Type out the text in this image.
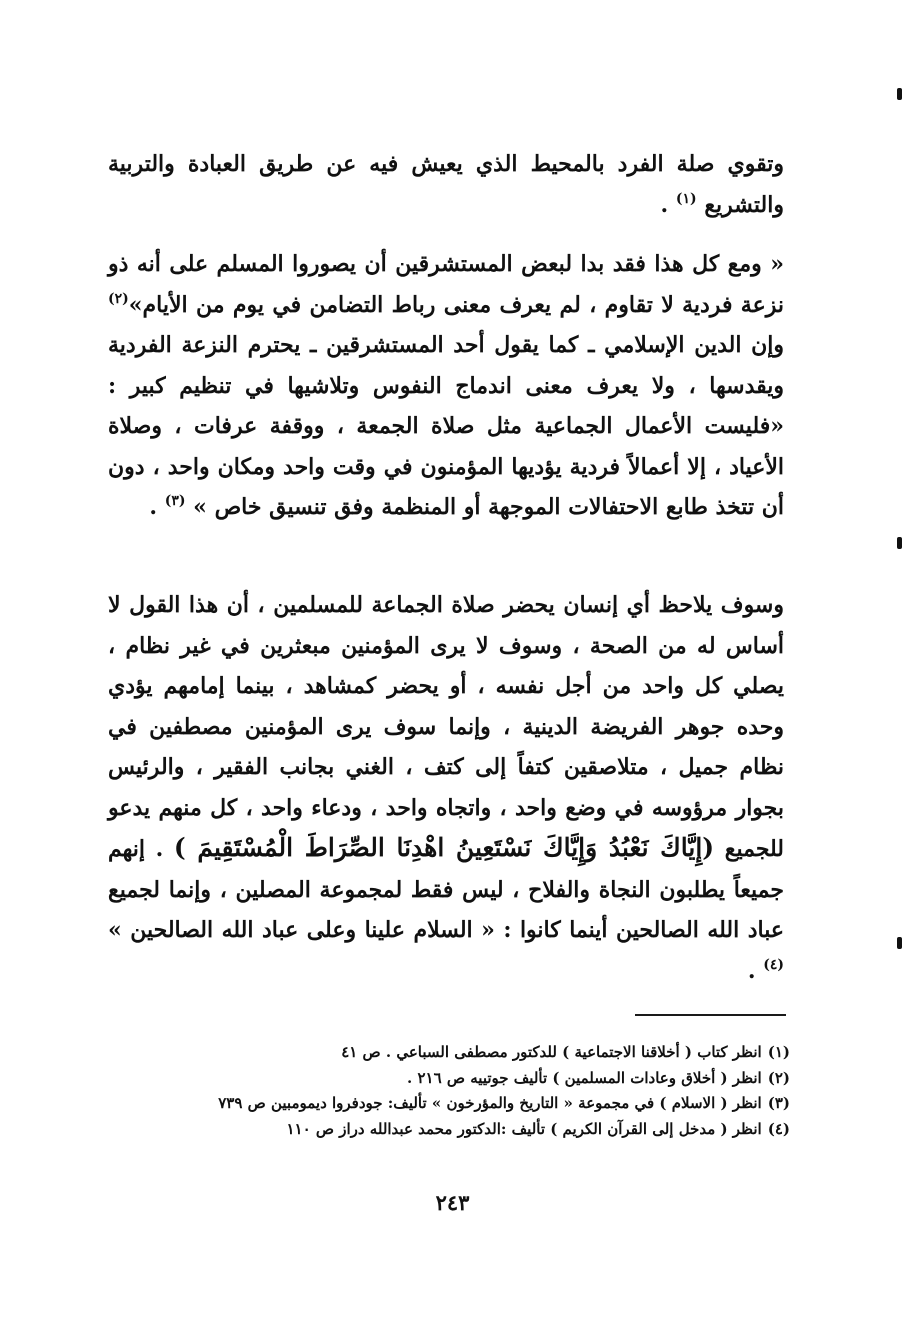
وتقوي صلة الفرد بالمحيط الذي يعيش فيه عن طريق العبادة والتربية والتشريع $^{(١)}$ .

« ومع كل هذا فقد بدا لبعض المستشرقين أن يصوروا المسلم على أنه ذو نزعة فردية لا تقاوم ، لم يعرف معنى رباط التضامن في يوم من الأيام»$^{(٢)}$ وإن الدين الإسلامي ـ كما يقول أحد المستشرقين ـ يحترم النزعة الفردية ويقدسها ، ولا يعرف معنى اندماج النفوس وتلاشيها في تنظيم كبير : «فليست الأعمال الجماعية مثل صلاة الجمعة ، ووقفة عرفات ، وصلاة الأعياد ، إلا أعمالاً فردية يؤديها المؤمنون في وقت واحد ومكان واحد ، دون أن تتخذ طابع الاحتفالات الموجهة أو المنظمة وفق تنسيق خاص » $^{(٣)}$ .

وسوف يلاحظ أي إنسان يحضر صلاة الجماعة للمسلمين ، أن هذا القول لا أساس له من الصحة ، وسوف لا يرى المؤمنين مبعثرين في غير نظام ، يصلي كل واحد من أجل نفسه ، أو يحضر كمشاهد ، بينما إمامهم يؤدي وحده جوهر الفريضة الدينية ، وإنما سوف يرى المؤمنين مصطفين في نظام جميل ، متلاصقين كتفاً إلى كتف ، الغني بجانب الفقير ، والرئيس بجوار مرؤوسه في وضع واحد ، واتجاه واحد ، ودعاء واحد ، كل منهم يدعو للجميع (إِيَّاكَ نَعْبُدُ وَإِيَّاكَ نَسْتَعِينُ اهْدِنَا الصِّرَاطَ الْمُسْتَقِيمَ ) . إنهم جميعاً يطلبون النجاة والفلاح ، ليس فقط لمجموعة المصلين ، وإنما لجميع عباد الله الصالحين أينما كانوا : « السلام علينا وعلى عباد الله الصالحين » $^{(٤)}$ .

(١)انظر كتاب ( أخلاقنا الاجتماعية ) للدكتور مصطفى السباعي . ص ٤١
(٢)انظر ( أخلاق وعادات المسلمين ) تأليف جوتييه ص ٢١٦ .
(٣)انظر ( الاسلام ) في مجموعة « التاريخ والمؤرخون » تأليف: جودفروا ديمومبين ص ٧٣٩
(٤)انظر ( مدخل إلى القرآن الكريم ) تأليف :الدكتور محمد عبدالله دراز ص ١١٠
٢٤٣
